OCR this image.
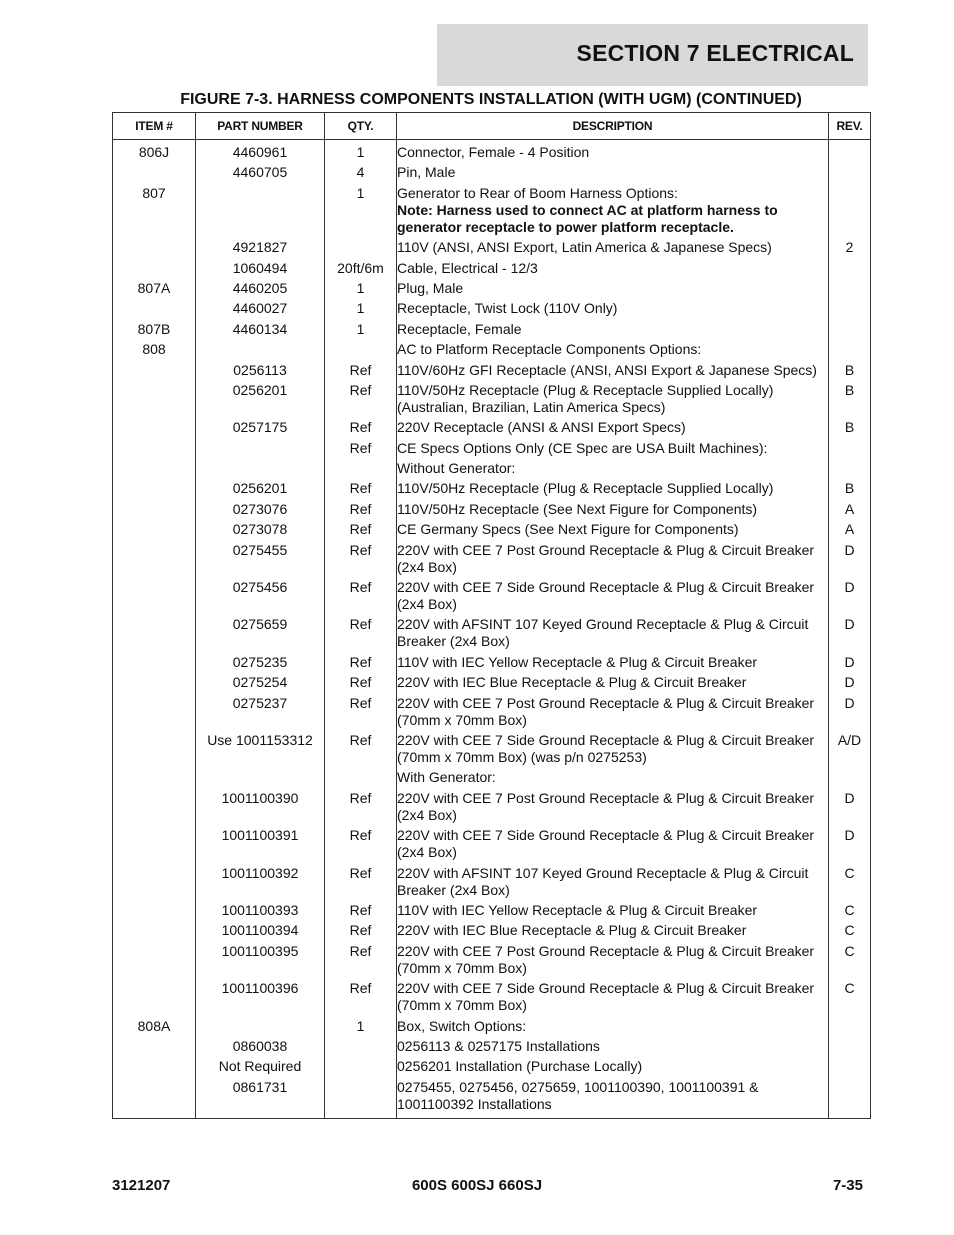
SECTION 7 ELECTRICAL
FIGURE 7-3. HARNESS COMPONENTS INSTALLATION (WITH UGM) (CONTINUED)
ITEM #	PART NUMBER	QTY.	DESCRIPTION	REV.
806J	4460961	1	Connector, Female - 4 Position	

	4460705	4	Pin, Male	

807		1	Generator to Rear of Boom Harness Options:
Note: Harness used to connect AC at platform harness to generator receptacle to power platform receptacle.	

	4921827		110V (ANSI, ANSI Export, Latin America & Japanese Specs)	2
	1060494	20ft/6m	Cable, Electrical - 12/3	

807A	4460205	1	Plug, Male	

	4460027	1	Receptacle, Twist Lock (110V Only)	

807B	4460134	1	Receptacle, Female	

808			AC to Platform Receptacle Components Options:	

	0256113	Ref	110V/60Hz GFI Receptacle (ANSI, ANSI Export & Japanese Specs)	B
	0256201	Ref	110V/50Hz Receptacle (Plug & Receptacle Supplied Locally) (Australian, Brazilian, Latin America Specs)	B
	0257175	Ref	220V Receptacle (ANSI & ANSI Export Specs)	B
		Ref	CE Specs Options Only (CE Spec are USA Built Machines):	

			Without Generator:	

	0256201	Ref	110V/50Hz Receptacle (Plug & Receptacle Supplied Locally)	B
	0273076	Ref	110V/50Hz Receptacle (See Next Figure for Components)	A
	0273078	Ref	CE Germany Specs (See Next Figure for Components)	A
	0275455	Ref	220V with CEE 7 Post Ground Receptacle & Plug & Circuit Breaker (2x4 Box)	D
	0275456	Ref	220V with CEE 7 Side Ground Receptacle & Plug & Circuit Breaker (2x4 Box)	D
	0275659	Ref	220V with AFSINT 107 Keyed Ground Receptacle & Plug & Circuit Breaker (2x4 Box)	D
	0275235	Ref	110V with IEC Yellow Receptacle & Plug & Circuit Breaker	D
	0275254	Ref	220V with IEC Blue Receptacle & Plug & Circuit Breaker	D
	0275237	Ref	220V with CEE 7 Post Ground Receptacle & Plug & Circuit Breaker (70mm x 70mm Box)	D
	Use 1001153312	Ref	220V with CEE 7 Side Ground Receptacle & Plug & Circuit Breaker (70mm x 70mm Box) (was p/n 0275253)	A/D

			With Generator:	

	1001100390	Ref	220V with CEE 7 Post Ground Receptacle & Plug & Circuit Breaker (2x4 Box)	D
	1001100391	Ref	220V with CEE 7 Side Ground Receptacle & Plug & Circuit Breaker (2x4 Box)	D
	1001100392	Ref	220V with AFSINT 107 Keyed Ground Receptacle & Plug & Circuit Breaker (2x4 Box)	C
	1001100393	Ref	110V with IEC Yellow Receptacle & Plug & Circuit Breaker	C
	1001100394	Ref	220V with IEC Blue Receptacle & Plug & Circuit Breaker	C
	1001100395	Ref	220V with CEE 7 Post Ground Receptacle & Plug & Circuit Breaker (70mm x 70mm Box)	C
	1001100396	Ref	220V with CEE 7 Side Ground Receptacle & Plug & Circuit Breaker (70mm x 70mm Box)	C
808A		1	Box, Switch Options:	

	0860038		0256113 & 0257175 Installations	

	Not Required		0256201 Installation (Purchase Locally)	

	0861731		0275455, 0275456, 0275659, 1001100390, 1001100391 & 1001100392 Installations	

3121207	600S 600SJ 660SJ	7-35
